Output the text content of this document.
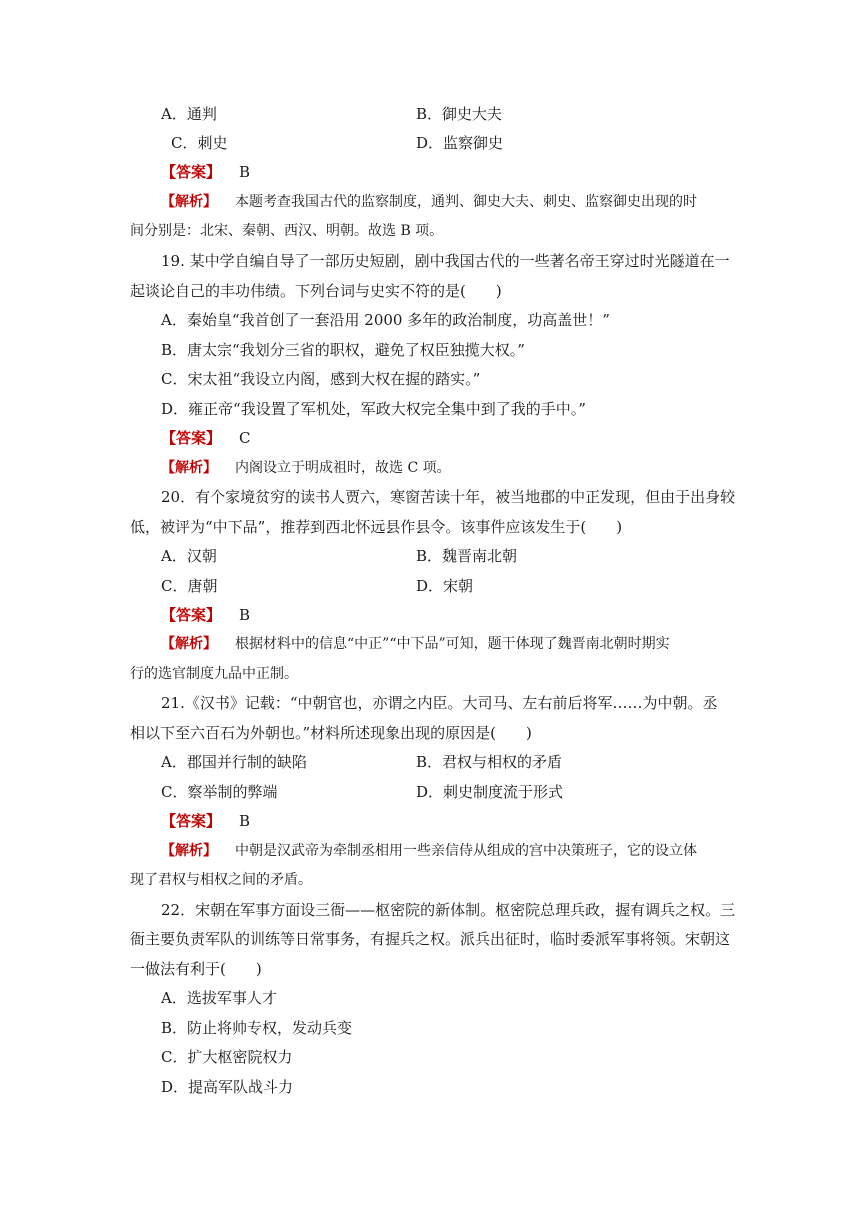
A．通判	B．御史大夫
C．刺史	D．监察御史
【答案】 B
【解析】 本题考查我国古代的监察制度，通判、御史大夫、刺史、监察御史出现的时
间分别是：北宋、秦朝、西汉、明朝。故选 B 项。
19. 某中学自编自导了一部历史短剧，剧中我国古代的一些著名帝王穿过时光隧道在一
起谈论自己的丰功伟绩。下列台词与史实不符的是(　　)
A．秦始皇“我首创了一套沿用 2000 多年的政治制度，功高盖世！”
B．唐太宗“我划分三省的职权，避免了权臣独揽大权。”
C．宋太祖“我设立内阁，感到大权在握的踏实。”
D．雍正帝“我设置了军机处，军政大权完全集中到了我的手中。”
【答案】 C
【解析】 内阁设立于明成祖时，故选 C 项。
20．有个家境贫穷的读书人贾六，寒窗苦读十年，被当地郡的中正发现，但由于出身较
低，被评为“中下品”，推荐到西北怀远县作县令。该事件应该发生于(　　)
A．汉朝	B．魏晋南北朝
C．唐朝	D．宋朝
【答案】 B
【解析】 根据材料中的信息“中正”“中下品”可知，题干体现了魏晋南北朝时期实
行的选官制度九品中正制。
21.《汉书》记载：“中朝官也，亦谓之内臣。大司马、左右前后将军……为中朝。丞
相以下至六百石为外朝也。”材料所述现象出现的原因是(　　)
A．郡国并行制的缺陷	B．君权与相权的矛盾
C．察举制的弊端	D．刺史制度流于形式
【答案】 B
【解析】 中朝是汉武帝为牵制丞相用一些亲信侍从组成的宫中决策班子，它的设立体
现了君权与相权之间的矛盾。
22．宋朝在军事方面设三衙——枢密院的新体制。枢密院总理兵政，握有调兵之权。三
衙主要负责军队的训练等日常事务，有握兵之权。派兵出征时，临时委派军事将领。宋朝这
一做法有利于(　　)
A．选拔军事人才
B．防止将帅专权，发动兵变
C．扩大枢密院权力
D．提高军队战斗力
